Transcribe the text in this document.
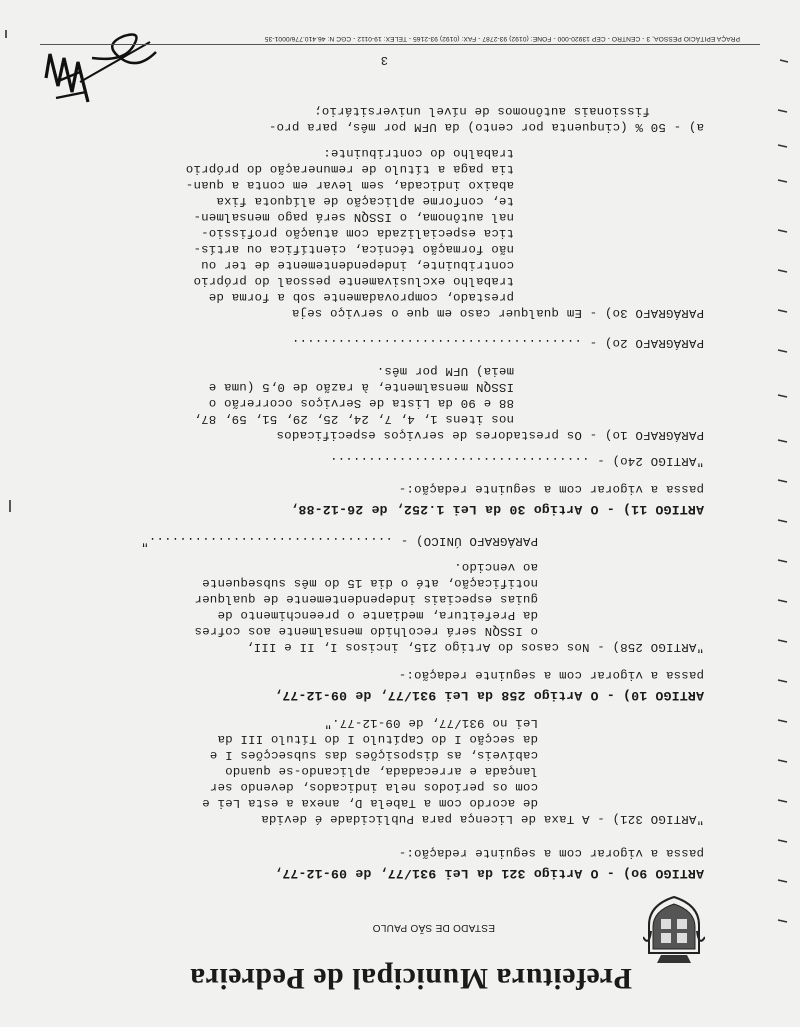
Prefeitura Municipal de Pedreira
ESTADO DE SÃO PAULO
ARTIGO 9o) - O Artigo 321 da Lei 931/77, de 09-12-77,
passa a vigorar com a seguinte redação:-
"ARTIGO 321) - A Taxa de Licença para Publicidade é devida
de acordo com a Tabela D, anexa a esta Lei e
com os períodos nela indicados, devendo ser
lançada e arrecadada, aplicando-se quando
cabíveis, as disposições das subsecções I e
da secção I do Capítulo I do Título III da
Lei no 931/77, de 09-12-77."
ARTIGO 10) - O Artigo 258 da Lei 931/77, de 09-12-77,
passa a vigorar com a seguinte redação:-
"ARTIGO 258) - Nos casos do Artigo 215, incisos I, II e III,
o ISSQN será recolhido mensalmente aos cofres
da Prefeitura, mediante o preenchimento de
guias especiais independentemente de qualquer
notificação, até o dia 15 do mês subsequente
ao vencido.
PARÁGRAFO ÚNICO) - ................................"
ARTIGO 11) - O Artigo 30 da Lei 1.252, de 26-12-88,
passa a vigorar com a seguinte redação:-
"ARTIGO 24o) - ..................................
PARÁGRAFO 1o) - Os prestadores de serviços especificados
nos itens 1, 4, 7, 24, 25, 29, 51, 59, 87,
88 e 90 da Lista de Serviços ocorrerão o
ISSQN mensalmente, à razão de 0,5 (uma e
meia) UFM por mês.
PARÁGRAFO 2o) - ......................................
PARÁGRAFO 3o) - Em qualquer caso em que o serviço seja
prestado, comprovadamente sob a forma de
trabalho exclusivamente pessoal do próprio
contribuinte, independentemente de ter ou
não formação técnica, científica ou artís-
tica especializada com atuação profissio-
nal autônoma, o ISSQN será pago mensalmen-
te, conforme aplicação de alíquota fixa
abaixo indicada, sem levar em conta a quan-
tia paga a título de remuneração do próprio
trabalho do contribuinte:
a) - 50 % (cinquenta por cento) da UFM por mês, para pro-
fissionais autônomos de nível universitário;
3
PRAÇA EPITÁCIO PESSOA, 3 - CENTRO - CEP 13920-000 - FONE: (0192) 93-2787 - FAX: (0192) 93-2165 - TELEX: 19-0112 - CGC N: 46.410.776/0001-35
